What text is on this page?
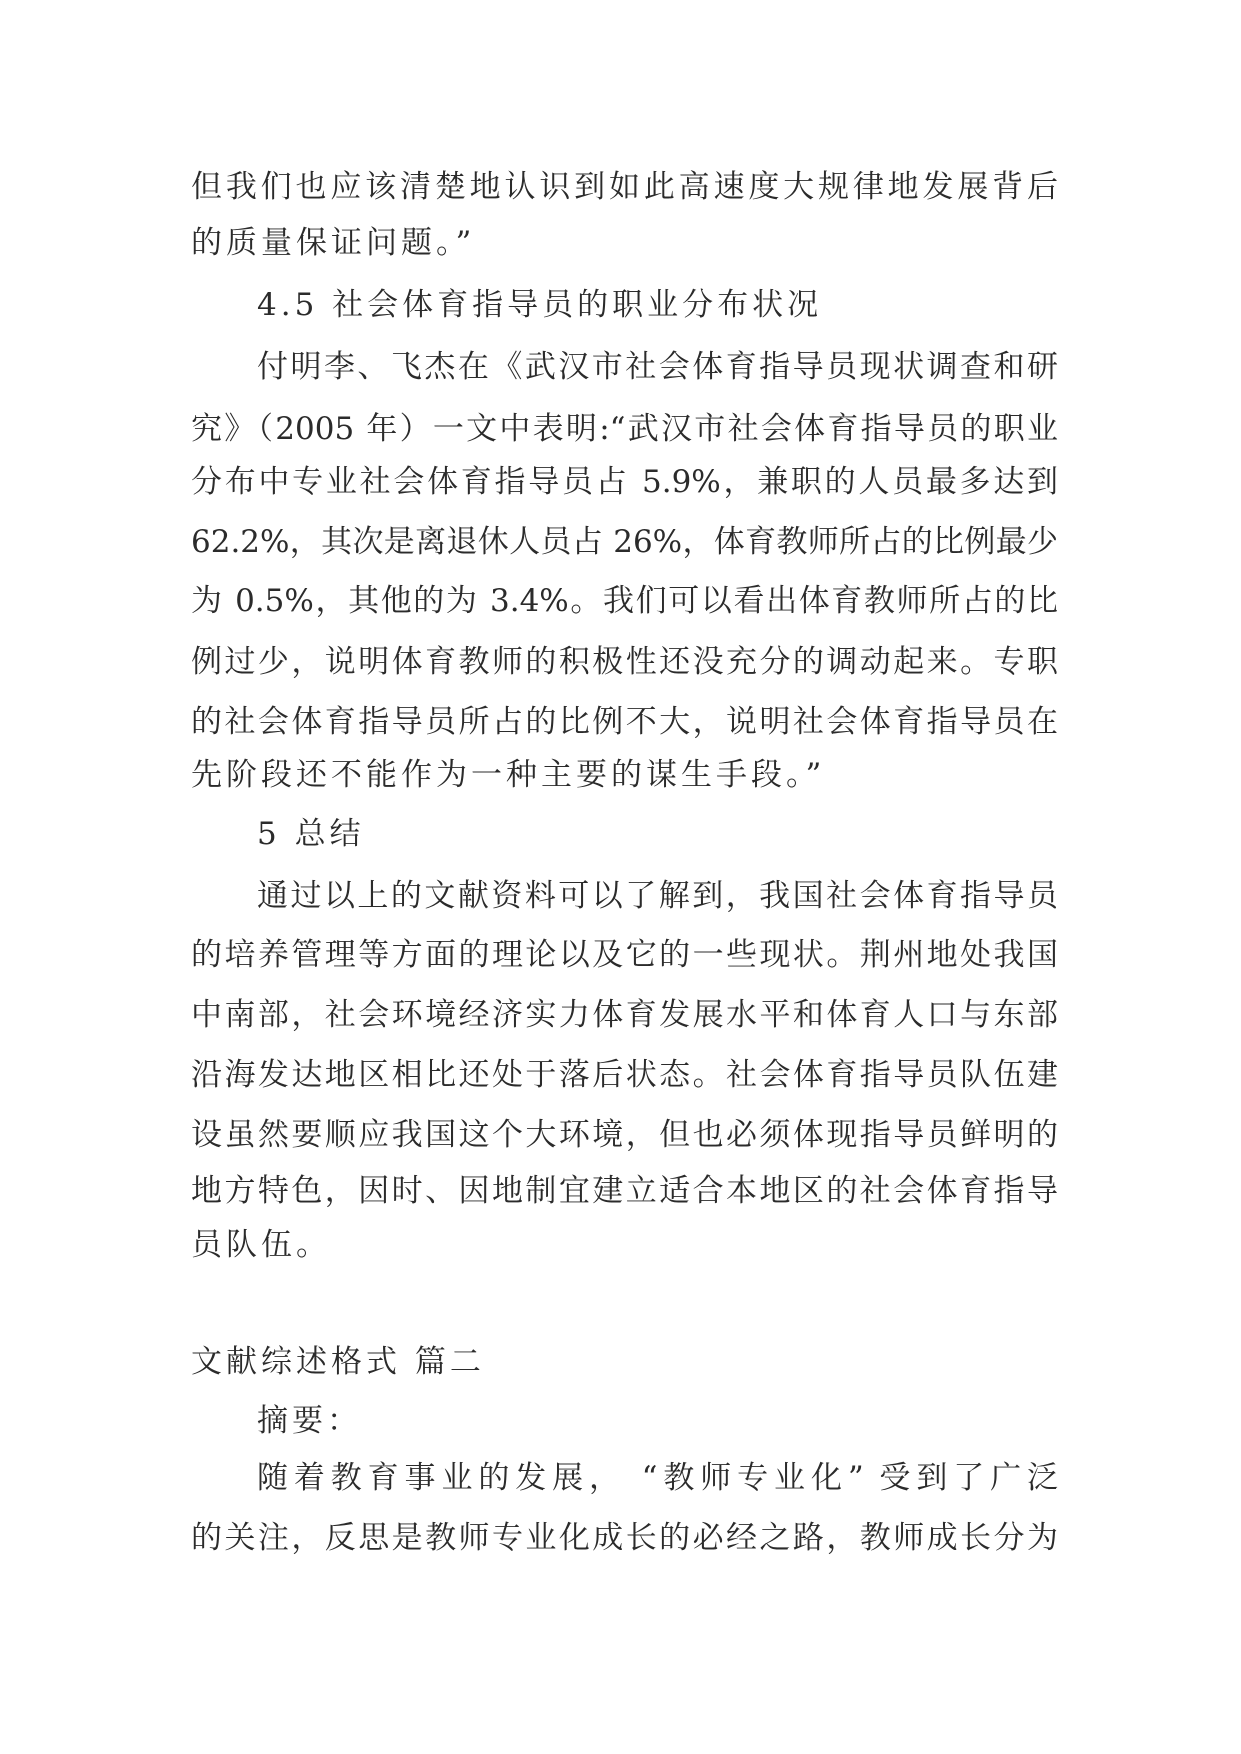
但我们也应该清楚地认识到如此高速度大规律地发展背后
的质量保证问题。”
4.5 社会体育指导员的职业分布状况
付明李、飞杰在《武汉市社会体育指导员现状调查和研
究》（2005 年）一文中表明:“武汉市社会体育指导员的职业
分布中专业社会体育指导员占 5.9%，兼职的人员最多达到
62.2%，其次是离退休人员占 26%，体育教师所占的比例最少
为 0.5%，其他的为 3.4%。我们可以看出体育教师所占的比
例过少，说明体育教师的积极性还没充分的调动起来。专职
的社会体育指导员所占的比例不大，说明社会体育指导员在
先阶段还不能作为一种主要的谋生手段。”
5 总结
通过以上的文献资料可以了解到，我国社会体育指导员
的培养管理等方面的理论以及它的一些现状。荆州地处我国
中南部，社会环境经济实力体育发展水平和体育人口与东部
沿海发达地区相比还处于落后状态。社会体育指导员队伍建
设虽然要顺应我国这个大环境，但也必须体现指导员鲜明的
地方特色，因时、因地制宜建立适合本地区的社会体育指导
员队伍。
文献综述格式 篇二
摘要：
随着教育事业的发展， “教师专业化” 受到了广泛
的关注，反思是教师专业化成长的必经之路，教师成长分为
